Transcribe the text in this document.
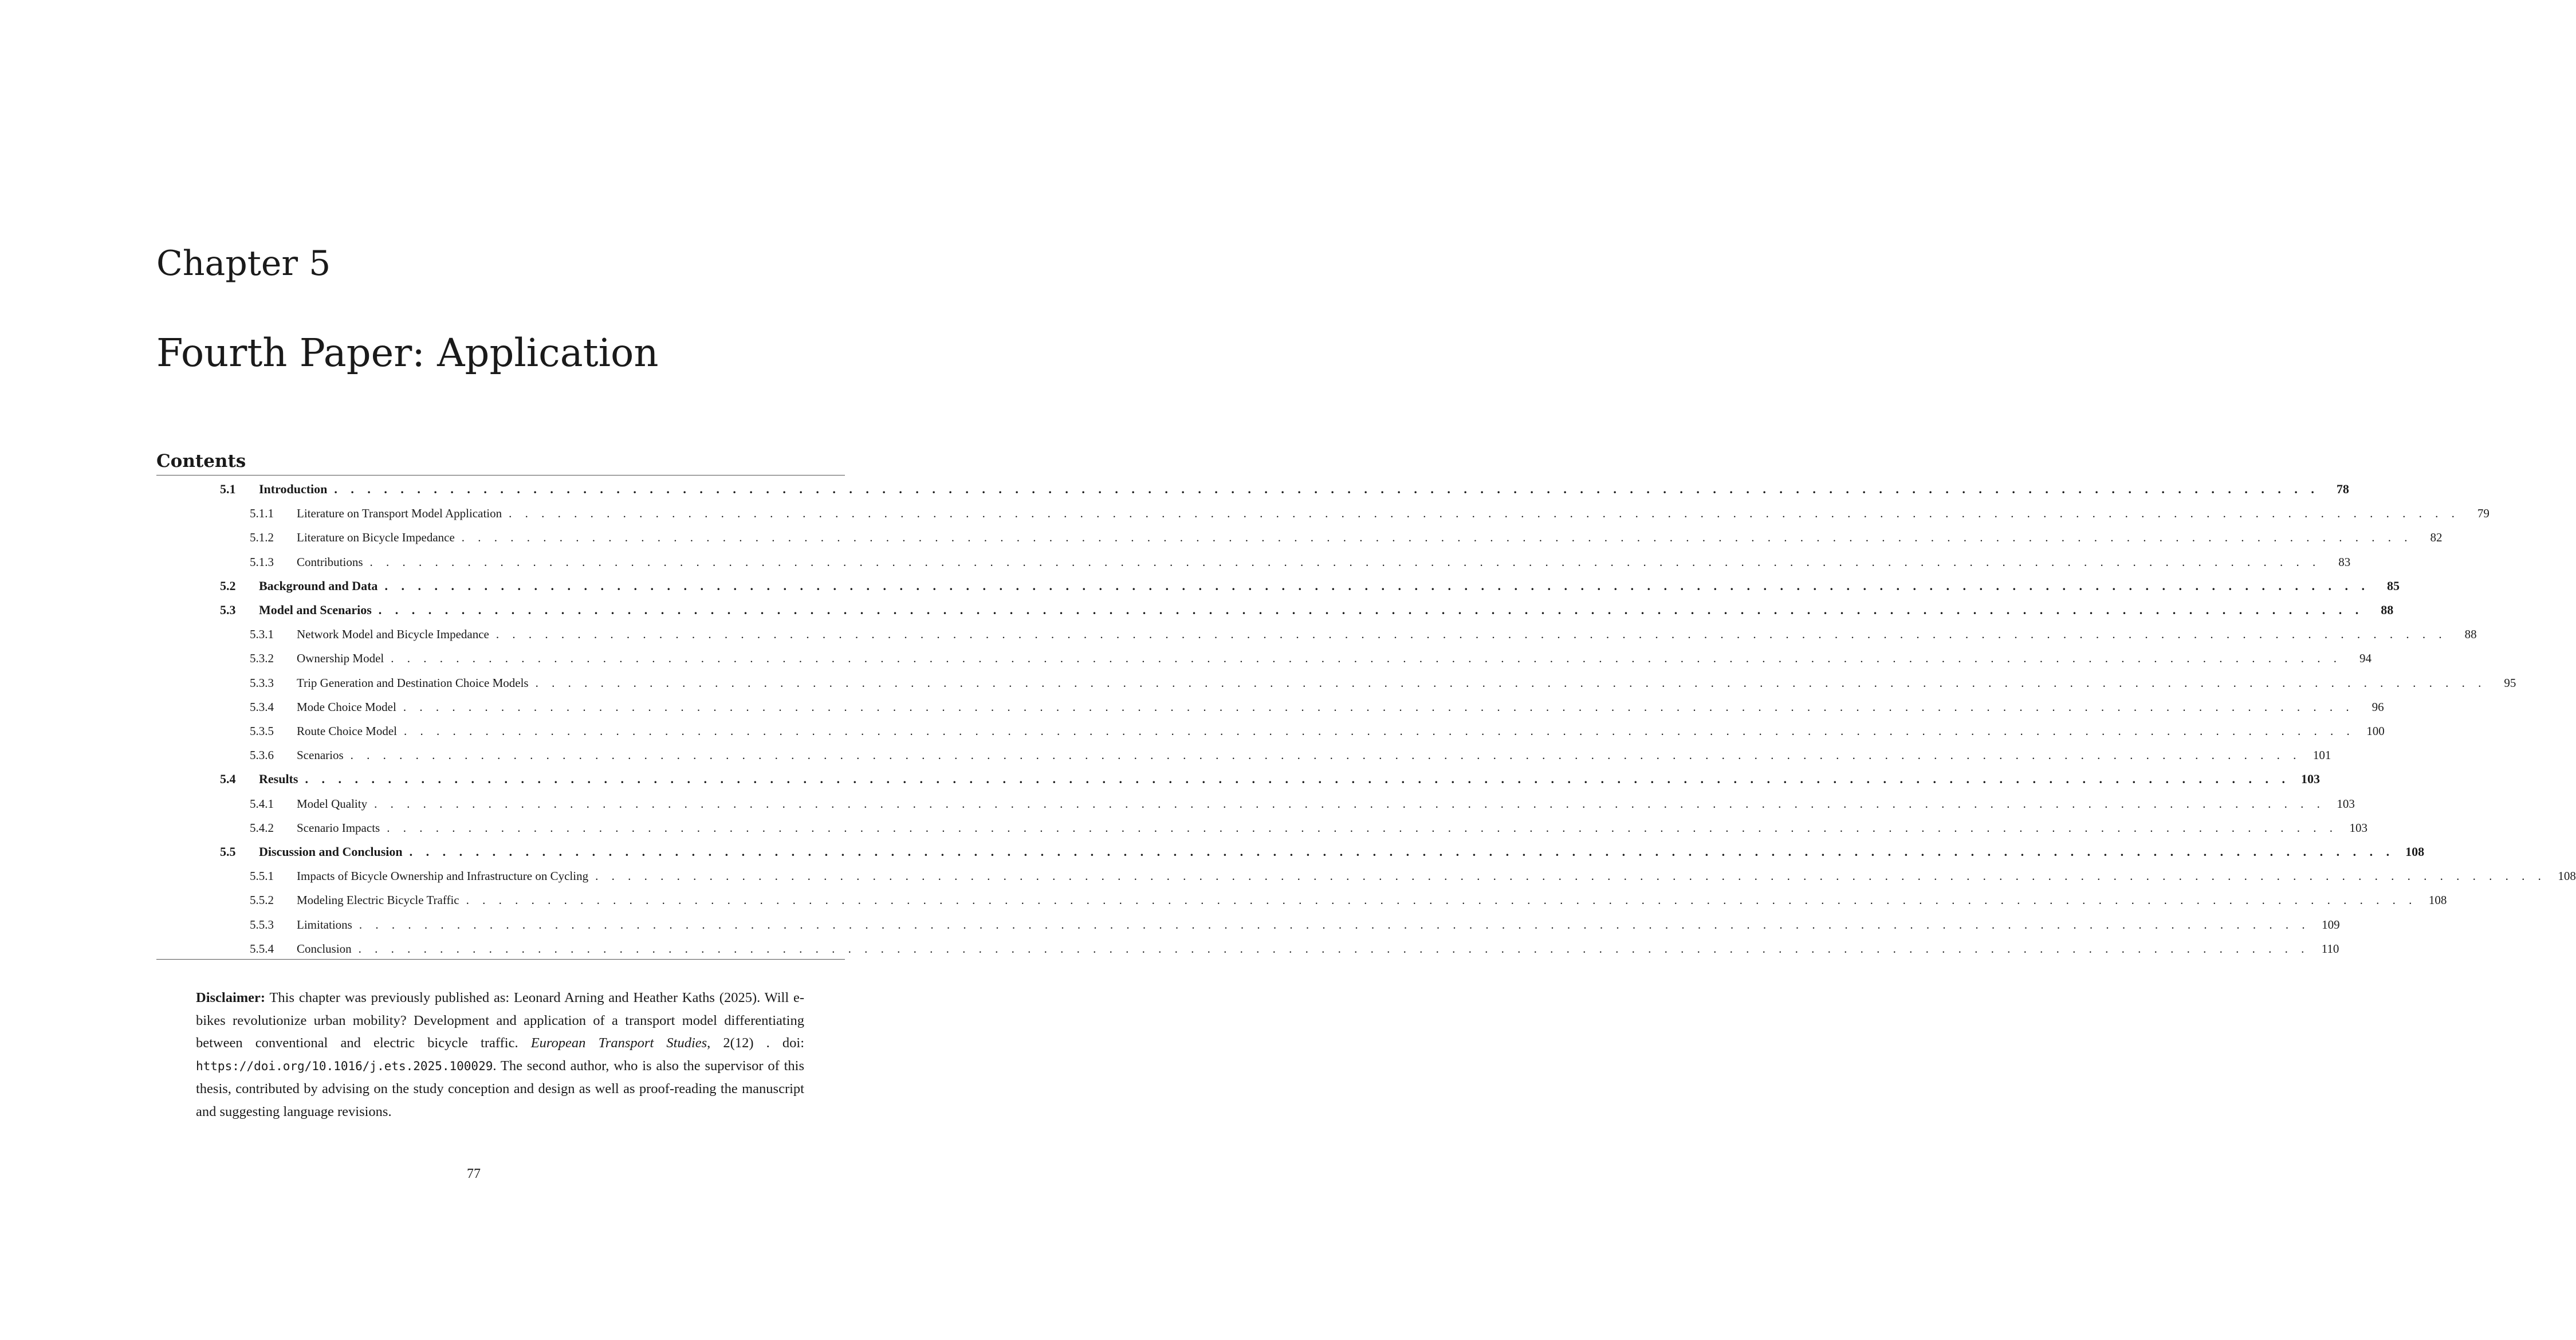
Chapter 5
Fourth Paper: Application
Contents
5.1	Introduction . . . . . . . . . . . . . . . . . . . . . . . . . . . . . . . . . . . . . . . . . . . . . . . . . . . . . . . . . . . . . . . . . . . . . . . . . . . . . . . . . . . . . . . . . . . . . . . . . . . . . . . . . . . . . . . . . . . . . . . .	78
5.1.1	Literature on Transport Model Application . . . . . . . . . . . . . . . . . . . . . . . . . . . . . . . . . . . . . . . . . . . . . . . . . . . . . . . . . . . . . . . . . . . . . . . . . . . . . . . . . . . . . . . . . . . . . . . . . . . . . . . . . . . . . . . . . . . . . . . .	79
5.1.2	Literature on Bicycle Impedance . . . . . . . . . . . . . . . . . . . . . . . . . . . . . . . . . . . . . . . . . . . . . . . . . . . . . . . . . . . . . . . . . . . . . . . . . . . . . . . . . . . . . . . . . . . . . . . . . . . . . . . . . . . . . . . . . . . . . . . .	82
5.1.3	Contributions . . . . . . . . . . . . . . . . . . . . . . . . . . . . . . . . . . . . . . . . . . . . . . . . . . . . . . . . . . . . . . . . . . . . . . . . . . . . . . . . . . . . . . . . . . . . . . . . . . . . . . . . . . . . . . . . . . . . . . . .	83
5.2	Background and Data . . . . . . . . . . . . . . . . . . . . . . . . . . . . . . . . . . . . . . . . . . . . . . . . . . . . . . . . . . . . . . . . . . . . . . . . . . . . . . . . . . . . . . . . . . . . . . . . . . . . . . . . . . . . . . . . . . . . . . . .	85
5.3	Model and Scenarios . . . . . . . . . . . . . . . . . . . . . . . . . . . . . . . . . . . . . . . . . . . . . . . . . . . . . . . . . . . . . . . . . . . . . . . . . . . . . . . . . . . . . . . . . . . . . . . . . . . . . . . . . . . . . . . . . . . . . . . .	88
5.3.1	Network Model and Bicycle Impedance . . . . . . . . . . . . . . . . . . . . . . . . . . . . . . . . . . . . . . . . . . . . . . . . . . . . . . . . . . . . . . . . . . . . . . . . . . . . . . . . . . . . . . . . . . . . . . . . . . . . . . . . . . . . . . . . . . . . . . . .	88
5.3.2	Ownership Model . . . . . . . . . . . . . . . . . . . . . . . . . . . . . . . . . . . . . . . . . . . . . . . . . . . . . . . . . . . . . . . . . . . . . . . . . . . . . . . . . . . . . . . . . . . . . . . . . . . . . . . . . . . . . . . . . . . . . . . .	94
5.3.3	Trip Generation and Destination Choice Models . . . . . . . . . . . . . . . . . . . . . . . . . . . . . . . . . . . . . . . . . . . . . . . . . . . . . . . . . . . . . . . . . . . . . . . . . . . . . . . . . . . . . . . . . . . . . . . . . . . . . . . . . . . . . . . . . . . . . . . .	95
5.3.4	Mode Choice Model . . . . . . . . . . . . . . . . . . . . . . . . . . . . . . . . . . . . . . . . . . . . . . . . . . . . . . . . . . . . . . . . . . . . . . . . . . . . . . . . . . . . . . . . . . . . . . . . . . . . . . . . . . . . . . . . . . . . . . . .	96
5.3.5	Route Choice Model . . . . . . . . . . . . . . . . . . . . . . . . . . . . . . . . . . . . . . . . . . . . . . . . . . . . . . . . . . . . . . . . . . . . . . . . . . . . . . . . . . . . . . . . . . . . . . . . . . . . . . . . . . . . . . . . . . . . . . . . 100
5.3.6	Scenarios . . . . . . . . . . . . . . . . . . . . . . . . . . . . . . . . . . . . . . . . . . . . . . . . . . . . . . . . . . . . . . . . . . . . . . . . . . . . . . . . . . . . . . . . . . . . . . . . . . . . . . . . . . . . . . . . . . . . . . . . 101
5.4	Results . . . . . . . . . . . . . . . . . . . . . . . . . . . . . . . . . . . . . . . . . . . . . . . . . . . . . . . . . . . . . . . . . . . . . . . . . . . . . . . . . . . . . . . . . . . . . . . . . . . . . . . . . . . . . . . . . . . . . . . . 103
5.4.1	Model Quality . . . . . . . . . . . . . . . . . . . . . . . . . . . . . . . . . . . . . . . . . . . . . . . . . . . . . . . . . . . . . . . . . . . . . . . . . . . . . . . . . . . . . . . . . . . . . . . . . . . . . . . . . . . . . . . . . . . . . . . . 103
5.4.2	Scenario Impacts . . . . . . . . . . . . . . . . . . . . . . . . . . . . . . . . . . . . . . . . . . . . . . . . . . . . . . . . . . . . . . . . . . . . . . . . . . . . . . . . . . . . . . . . . . . . . . . . . . . . . . . . . . . . . . . . . . . . . . . . 103
5.5	Discussion and Conclusion . . . . . . . . . . . . . . . . . . . . . . . . . . . . . . . . . . . . . . . . . . . . . . . . . . . . . . . . . . . . . . . . . . . . . . . . . . . . . . . . . . . . . . . . . . . . . . . . . . . . . . . . . . . . . . . . . . . . . . . . 108
5.5.1	Impacts of Bicycle Ownership and Infrastructure on Cycling . . . . . . . . . . . . . . . . . . . . . . . . . . . . . . . . . . . . . . . . . . . . . . . . . . . . . . . . . . . . . . . . . . . . . . . . . . . . . . . . . . . . . . . . . . . . . . . . . . . . . . . . . . . . . . . . . . . . . . . . 108
5.5.2	Modeling Electric Bicycle Traffic . . . . . . . . . . . . . . . . . . . . . . . . . . . . . . . . . . . . . . . . . . . . . . . . . . . . . . . . . . . . . . . . . . . . . . . . . . . . . . . . . . . . . . . . . . . . . . . . . . . . . . . . . . . . . . . . . . . . . . . . 108
5.5.3	Limitations . . . . . . . . . . . . . . . . . . . . . . . . . . . . . . . . . . . . . . . . . . . . . . . . . . . . . . . . . . . . . . . . . . . . . . . . . . . . . . . . . . . . . . . . . . . . . . . . . . . . . . . . . . . . . . . . . . . . . . . . 109
5.5.4	Conclusion . . . . . . . . . . . . . . . . . . . . . . . . . . . . . . . . . . . . . . . . . . . . . . . . . . . . . . . . . . . . . . . . . . . . . . . . . . . . . . . . . . . . . . . . . . . . . . . . . . . . . . . . . . . . . . . . . . . . . . . .	110
Disclaimer: This chapter was previously published as: Leonard Arning and Heather Kaths (2025). Will e-bikes revolutionize urban mobility? Development and application of a transport model differentiating between conventional and electric bicycle traffic. European Transport Studies, 2(12) . doi: https://doi.org/10.1016/j.ets.2025.100029. The second author, who is also the supervisor of this thesis, contributed by advising on the study conception and design as well as proof-reading the manuscript and suggesting language revisions.
77
